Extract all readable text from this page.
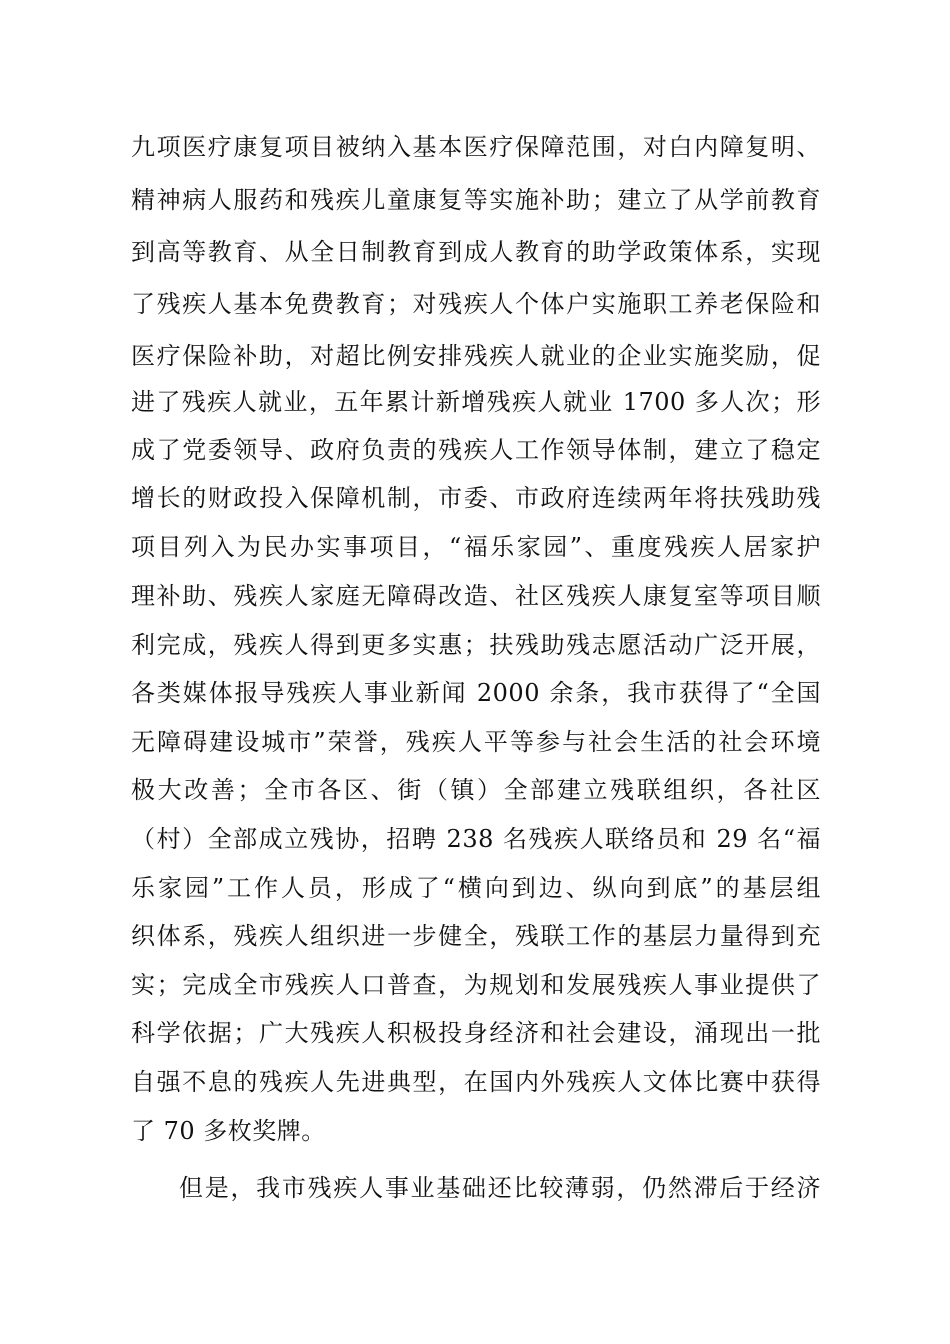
九项医疗康复项目被纳入基本医疗保障范围，对白内障复明、
精神病人服药和残疾儿童康复等实施补助；建立了从学前教育
到高等教育、从全日制教育到成人教育的助学政策体系，实现
了残疾人基本免费教育；对残疾人个体户实施职工养老保险和
医疗保险补助，对超比例安排残疾人就业的企业实施奖励，促
进了残疾人就业，五年累计新增残疾人就业 1700 多人次；形
成了党委领导、政府负责的残疾人工作领导体制，建立了稳定
增长的财政投入保障机制，市委、市政府连续两年将扶残助残
项目列入为民办实事项目，“福乐家园”、重度残疾人居家护
理补助、残疾人家庭无障碍改造、社区残疾人康复室等项目顺
利完成，残疾人得到更多实惠；扶残助残志愿活动广泛开展，
各类媒体报导残疾人事业新闻 2000 余条，我市获得了“全国
无障碍建设城市”荣誉，残疾人平等参与社会生活的社会环境
极大改善；全市各区、街（镇）全部建立残联组织，各社区
（村）全部成立残协，招聘 238 名残疾人联络员和 29 名“福
乐家园”工作人员，形成了“横向到边、纵向到底”的基层组
织体系，残疾人组织进一步健全，残联工作的基层力量得到充
实；完成全市残疾人口普查，为规划和发展残疾人事业提供了
科学依据；广大残疾人积极投身经济和社会建设，涌现出一批
自强不息的残疾人先进典型，在国内外残疾人文体比赛中获得
了 70 多枚奖牌。
但是，我市残疾人事业基础还比较薄弱，仍然滞后于经济
